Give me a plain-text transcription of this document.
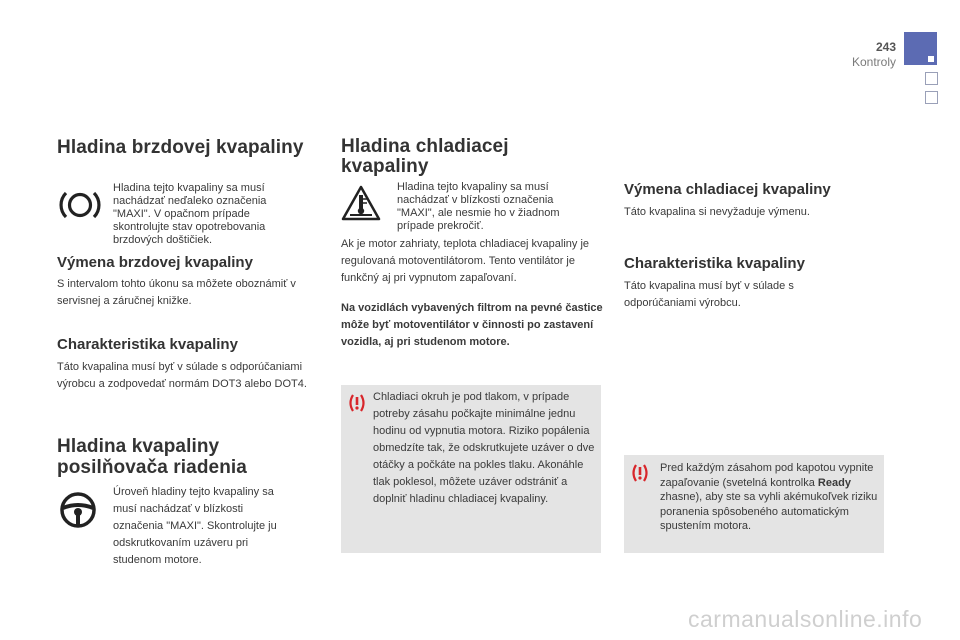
243
Kontroly
Hladina brzdovej kvapaliny
Hladina tejto kvapaliny sa musí nachádzať neďaleko označenia "MAXI". V opačnom prípade skontrolujte stav opotrebovania brzdových doštičiek.
Výmena brzdovej kvapaliny
S intervalom tohto úkonu sa môžete oboznámiť v servisnej a záručnej knižke.
Charakteristika kvapaliny
Táto kvapalina musí byť v súlade s odporúčaniami výrobcu a zodpovedať normám DOT3 alebo DOT4.
Hladina kvapaliny
posilňovača riadenia
Úroveň hladiny tejto kvapaliny sa musí nachádzať v blízkosti označenia "MAXI". Skontrolujte ju odskrutkovaním uzáveru pri studenom motore.
Hladina chladiacej
kvapaliny
Hladina tejto kvapaliny sa musí nachádzať v blízkosti označenia "MAXI", ale nesmie ho v žiadnom prípade prekročiť.
Ak je motor zahriaty, teplota chladiacej kvapaliny je regulovaná motoventilátorom. Tento ventilátor je funkčný aj pri vypnutom zapaľovaní.
Na vozidlách vybavených filtrom na pevné častice môže byť motoventilátor v činnosti po zastavení vozidla, aj pri studenom motore.
Chladiaci okruh je pod tlakom, v prípade potreby zásahu počkajte minimálne jednu hodinu od vypnutia motora. Riziko popálenia obmedzíte tak, že odskrutkujete uzáver o dve otáčky a počkáte na pokles tlaku. Akonáhle tlak poklesol, môžete uzáver odstrániť a doplniť hladinu chladiacej kvapaliny.
Výmena chladiacej kvapaliny
Táto kvapalina si nevyžaduje výmenu.
Charakteristika kvapaliny
Táto kvapalina musí byť v súlade s odporúčaniami výrobcu.
Pred každým zásahom pod kapotou vypnite zapaľovanie (svetelná kontrolka Ready zhasne), aby ste sa vyhli akémukoľvek riziku poranenia spôsobeného automatickým spustením motora.
carmanualsonline.info
